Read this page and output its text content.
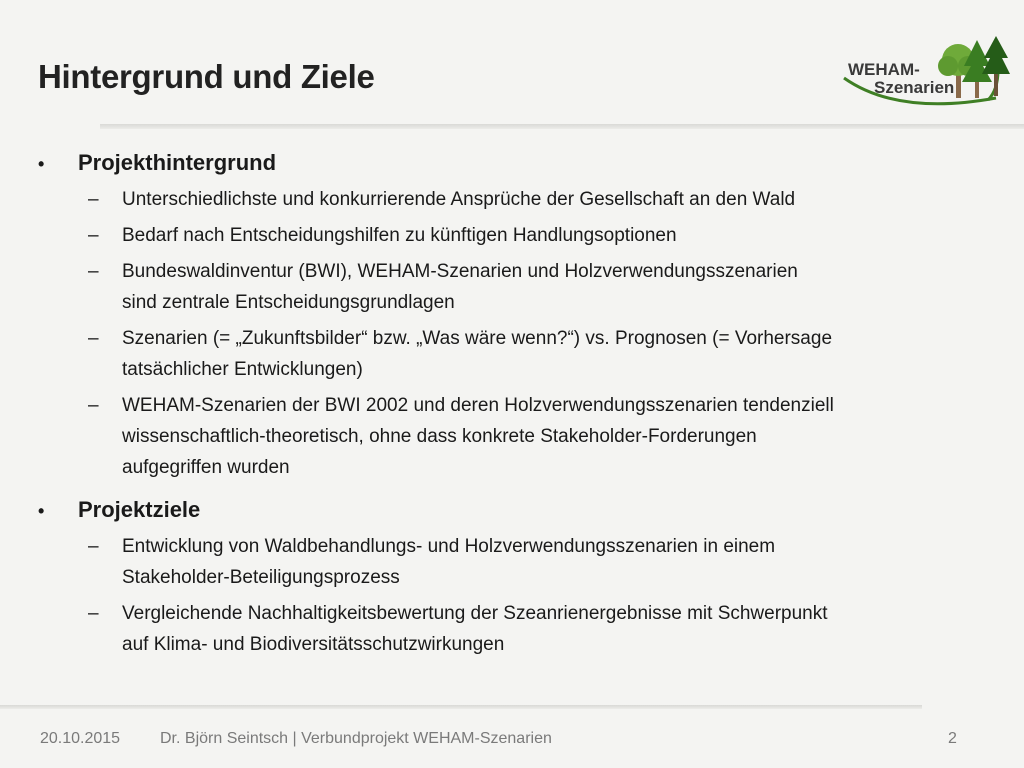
Hintergrund und Ziele	WEHAM-
Szenarien
•	Projekthintergrund
–	Unterschiedlichste und konkurrierende Ansprüche der Gesellschaft an den Wald
–	Bedarf nach Entscheidungshilfen zu künftigen Handlungsoptionen
–	Bundeswaldinventur (BWI), WEHAM-Szenarien und Holzverwendungsszenarien
sind zentrale Entscheidungsgrundlagen
–	Szenarien (= „Zukunftsbilder“ bzw. „Was wäre wenn?“) vs. Prognosen (= Vorhersage
tatsächlicher Entwicklungen)
–	WEHAM-Szenarien der BWI 2002 und deren Holzverwendungsszenarien tendenziell
wissenschaftlich-theoretisch, ohne dass konkrete Stakeholder-Forderungen
aufgegriffen wurden
•	Projektziele
–	Entwicklung von Waldbehandlungs- und Holzverwendungsszenarien in einem
Stakeholder-Beteiligungsprozess
–	Vergleichende Nachhaltigkeitsbewertung der Szeanrienergebnisse mit Schwerpunkt
auf Klima- und Biodiversitätsschutzwirkungen
20.10.2015 Dr. Björn Seintsch | Verbundprojekt WEHAM-Szenarien	2
